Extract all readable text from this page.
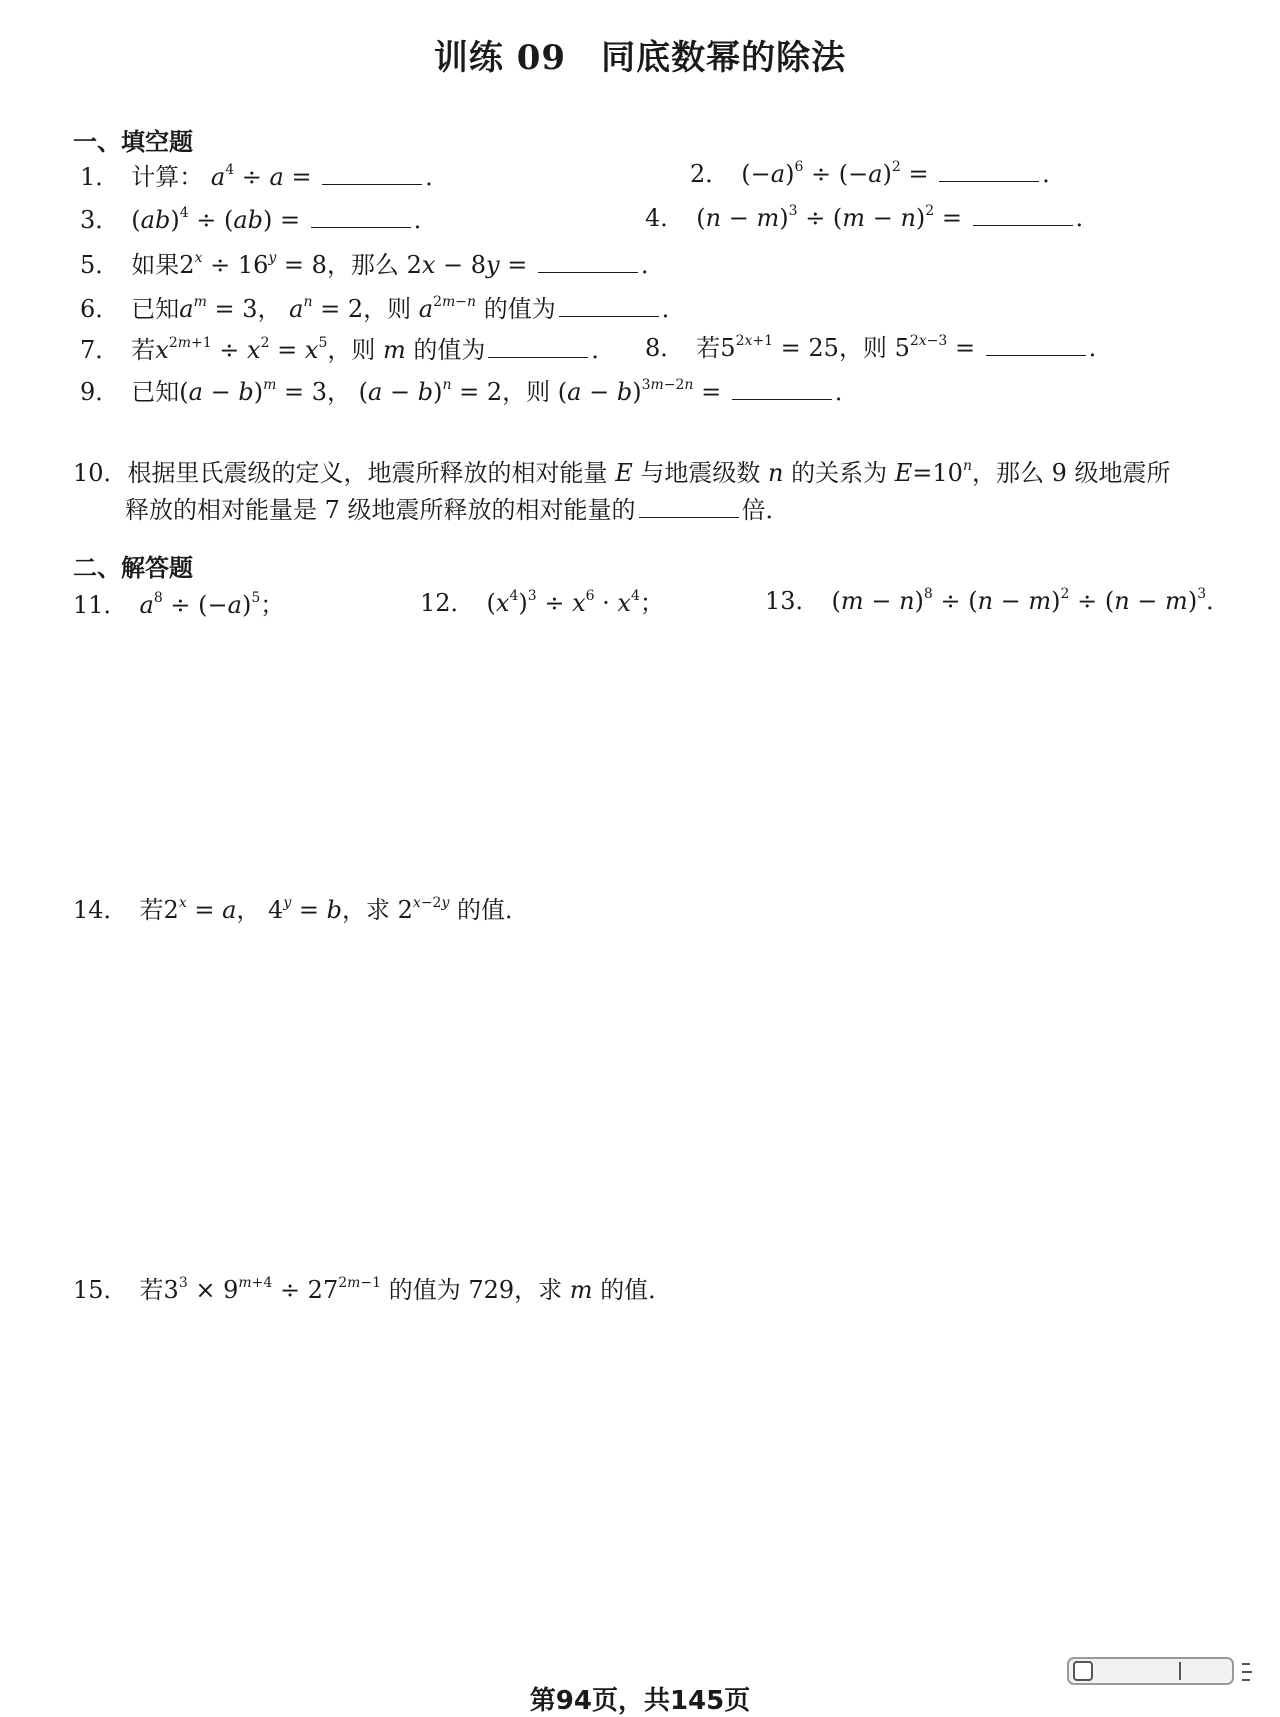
训练 09　同底数幂的除法
一、填空题
1． 计算： $a^4 \div a$ =	．	2． $(-a)^6 \div (-a)^2$ =	．
3． (ab)$^4$ ÷ (ab) =	．	4． $(n - m)^3 \div (m - n)^2$ =	．
5． 如果$2^x \div 16^y = 8$，那么 2x − 8y =	．
6． 已知$a^m = 3$， $a^n = 2$，则 $a^{2m-n}$ 的值为	．
7． 若$x^{2m+1} \div x^2 = x^5$，则 m 的值为	． 8． 若$5^{2x+1} = 25$，则 $5^{2x-3}$ =	．
9． 已知$(a - b)^m = 3$， $(a - b)^n = 2$，则 $(a - b)^{3m-2n}$ =	．
10．根据里氏震级的定义，地震所释放的相对能量 E 与地震级数 n 的关系为 $E=10^n$，那么 9 级地震所
释放的相对能量是 7 级地震所释放的相对能量的	倍．
二、解答题
11． $a^8 \div (-a)^5$；	12． $(x^4)^3 \div x^6 \cdot x^4$；	13． $(m - n)^8 \div (n - m)^2 \div (n - m)^3$．
14． 若$2^x = a$， $4^y = b$，求 $2^{x-2y}$ 的值．
15． 若$3^3 \times 9^{m+4} \div 27^{2m-1}$ 的值为 729，求 m 的值．
第94页，共145页
